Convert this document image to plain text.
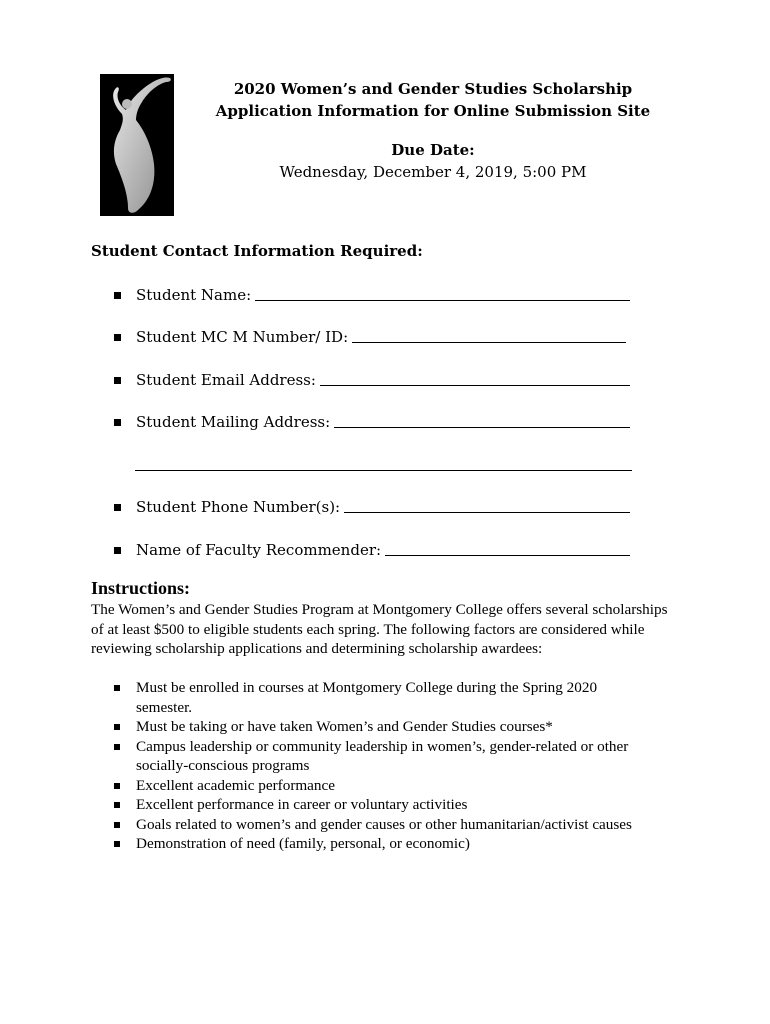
2020 Women’s and Gender Studies Scholarship
Application Information for Online Submission Site
Due Date:
Wednesday, December 4, 2019, 5:00 PM
Student Contact Information Required:
Student Name:
Student MC M Number/ ID:
Student Email Address:
Student Mailing Address:
Student Phone Number(s):
Name of Faculty Recommender:
Instructions:
The Women’s and Gender Studies Program at Montgomery College offers several scholarships of at least $500 to eligible students each spring. The following factors are considered while reviewing scholarship applications and determining scholarship awardees:
Must be enrolled in courses at Montgomery College during the Spring 2020 semester.
Must be taking or have taken Women’s and Gender Studies courses*
Campus leadership or community leadership in women’s, gender-related or other socially-conscious programs
Excellent academic performance
Excellent performance in career or voluntary activities
Goals related to women’s and gender causes or other humanitarian/activist causes
Demonstration of need (family, personal, or economic)
